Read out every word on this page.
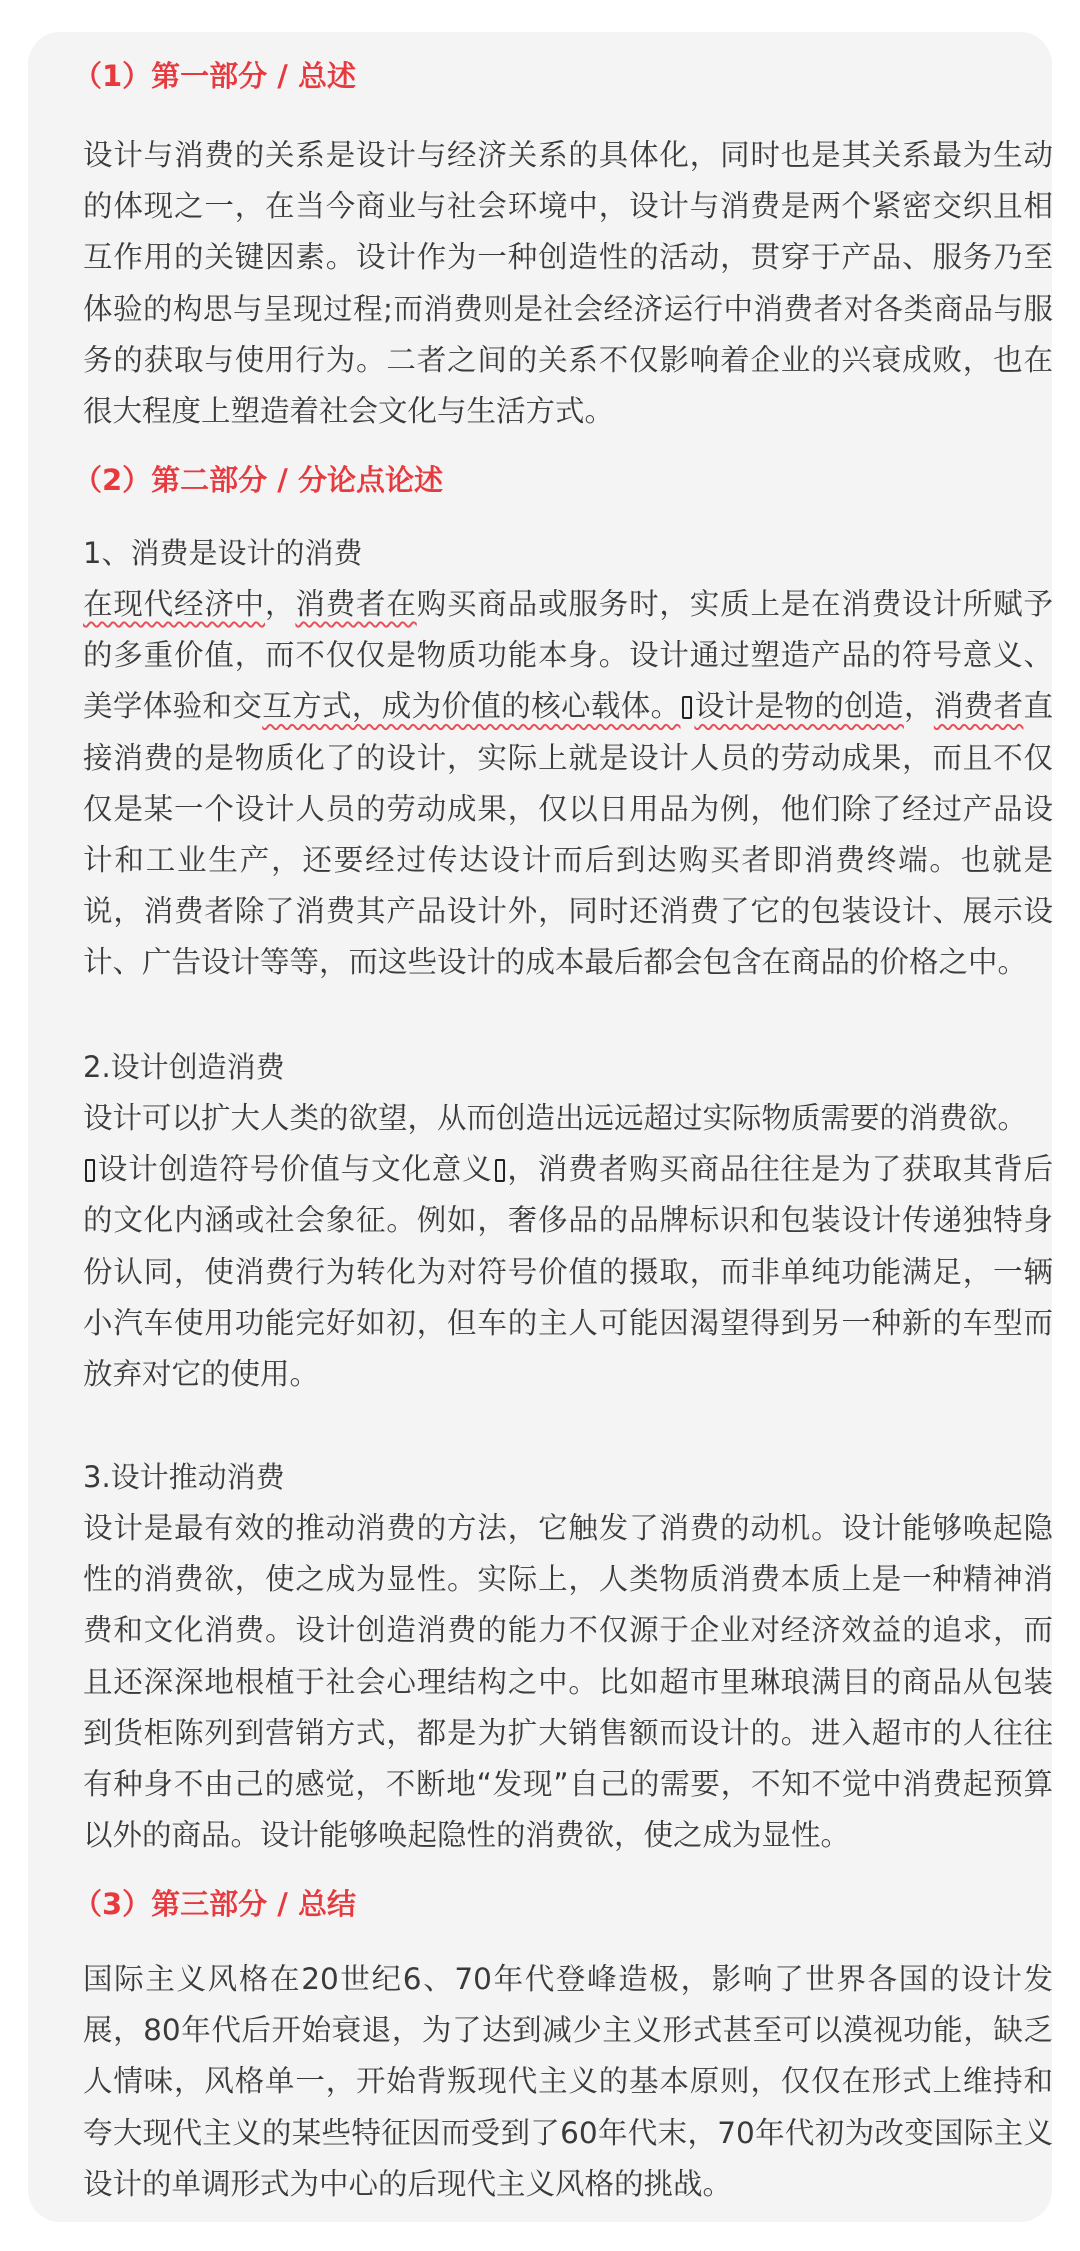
（1）第一部分 / 总述
设计与消费的关系是设计与经济关系的具体化，同时也是其关系最为生动的体现之一，在当今商业与社会环境中，设计与消费是两个紧密交织且相互作用的关键因素。设计作为一种创造性的活动，贯穿于产品、服务乃至体验的构思与呈现过程;而消费则是社会经济运行中消费者对各类商品与服务的获取与使用行为。二者之间的关系不仅影响着企业的兴衰成败，也在很大程度上塑造着社会文化与生活方式。
（2）第二部分 / 分论点论述
1、消费是设计的消费
在现代经济中，消费者在购买商品或服务时，实质上是在消费设计所赋予的多重价值，而不仅仅是物质功能本身。设计通过塑造产品的符号意义、美学体验和交互方式，成为价值的核心载体。 设计是物的创造，消费者直接消费的是物质化了的设计，实际上就是设计人员的劳动成果，而且不仅仅是某一个设计人员的劳动成果，仅以日用品为例，他们除了经过产品设计和工业生产，还要经过传达设计而后到达购买者即消费终端。也就是说，消费者除了消费其产品设计外，同时还消费了它的包装设计、展示设计、广告设计等等，而这些设计的成本最后都会包含在商品的价格之中。
2.设计创造消费
设计可以扩大人类的欲望，从而创造出远远超过实际物质需要的消费欲。
设计创造符号价值与文化意义 ，消费者购买商品往往是为了获取其背后的文化内涵或社会象征。例如，奢侈品的品牌标识和包装设计传递独特身份认同，使消费行为转化为对符号价值的摄取，而非单纯功能满足，一辆小汽车使用功能完好如初，但车的主人可能因渴望得到另一种新的车型而放弃对它的使用。
3.设计推动消费
设计是最有效的推动消费的方法，它触发了消费的动机。设计能够唤起隐性的消费欲，使之成为显性。实际上，人类物质消费本质上是一种精神消费和文化消费。设计创造消费的能力不仅源于企业对经济效益的追求，而且还深深地根植于社会心理结构之中。比如超市里琳琅满目的商品从包装到货柜陈列到营销方式，都是为扩大销售额而设计的。进入超市的人往往有种身不由己的感觉，不断地“发现”自己的需要，不知不觉中消费起预算以外的商品。设计能够唤起隐性的消费欲，使之成为显性。
（3）第三部分 / 总结
国际主义风格在20世纪6、70年代登峰造极，影响了世界各国的设计发展，80年代后开始衰退，为了达到减少主义形式甚至可以漠视功能，缺乏人情味，风格单一，开始背叛现代主义的基本原则，仅仅在形式上维持和夸大现代主义的某些特征因而受到了60年代末，70年代初为改变国际主义设计的单调形式为中心的后现代主义风格的挑战。
